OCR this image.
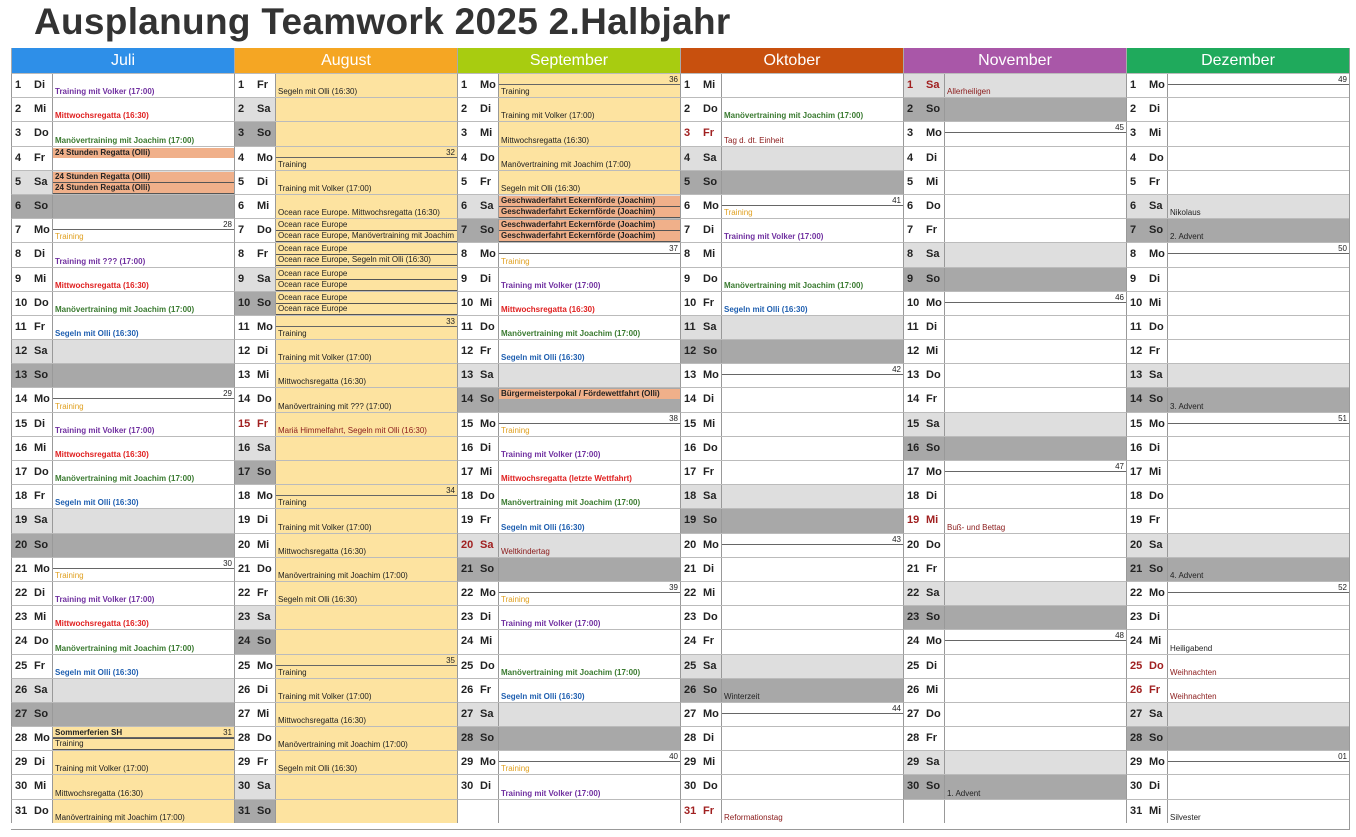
Ausplanung Teamwork 2025 2.Halbjahr
Juli
1	Di
Training mit Volker (17:00)
2	Mi
Mittwochsregatta (16:30)
3	Do
Manövertraining mit Joachim (17:00)
4	Fr	24 Stunden Regatta (Olli)
5	Sa 24 Stunden Regatta (Olli)
24 Stunden Regatta (Olli)
6	So
7	Mo	28
Training
8	Di
Training mit ??? (17:00)
9	Mi
Mittwochsregatta (16:30)
10 Do
Manövertraining mit Joachim (17:00)
11 Fr
Segeln mit Olli (16:30)
12 Sa
13 So
14 Mo	29
Training
15 Di
Training mit Volker (17:00)
16 Mi
Mittwochsregatta (16:30)
17 Do
Manövertraining mit Joachim (17:00)
18 Fr
Segeln mit Olli (16:30)
19 Sa
20 So
21 Mo	30
Training
22 Di
Training mit Volker (17:00)
23 Mi
Mittwochsregatta (16:30)
24 Do
Manövertraining mit Joachim (17:00)
25 Fr
Segeln mit Olli (16:30)
26 Sa
27 So
28 Mo	31
Sommerferien SH
Training
29 Di
Training mit Volker (17:00)
30 Mi
Mittwochsregatta (16:30)
31 Do
Manövertraining mit Joachim (17:00)
August
1	Fr
Segeln mit Olli (16:30)
2	Sa
3	So
4	Mo	32
Training
5	Di
Training mit Volker (17:00)
6	Mi
Ocean race Europe. Mittwochsregatta (16:30)
7	Do Ocean race Europe
Ocean race Europe, Manövertraining mit Joachim
8	Fr	Ocean race Europe
Ocean race Europe, Segeln mit Olli (16:30)
9	Sa Ocean race Europe
Ocean race Europe
10 So Ocean race Europe
Ocean race Europe
11 Mo	33
Training
12 Di
Training mit Volker (17:00)
13 Mi
Mittwochsregatta (16:30)
14 Do
Manövertraining mit ??? (17:00)
15 Fr
Mariä Himmelfahrt, Segeln mit Olli (16:30)
16 Sa
17 So
18 Mo	34
Training
19 Di
Training mit Volker (17:00)
20 Mi
Mittwochsregatta (16:30)
21 Do
Manövertraining mit Joachim (17:00)
22 Fr
Segeln mit Olli (16:30)
23 Sa
24 So
25 Mo	35
Training
26 Di
Training mit Volker (17:00)
27 Mi
Mittwochsregatta (16:30)
28 Do
Manövertraining mit Joachim (17:00)
29 Fr
Segeln mit Olli (16:30)
30 Sa
31 So
September
1	Mo	36
Training
2	Di
Training mit Volker (17:00)
3	Mi
Mittwochsregatta (16:30)
4	Do
Manövertraining mit Joachim (17:00)
5	Fr
Segeln mit Olli (16:30)
6	Sa Geschwaderfahrt Eckernförde (Joachim)
Geschwaderfahrt Eckernförde (Joachim)
7	So Geschwaderfahrt Eckernförde (Joachim)
Geschwaderfahrt Eckernförde (Joachim)
8	Mo	37
Training
9	Di
Training mit Volker (17:00)
10 Mi
Mittwochsregatta (16:30)
11 Do
Manövertraining mit Joachim (17:00)
12 Fr
Segeln mit Olli (16:30)
13 Sa
14 So Bürgermeisterpokal / Fördewettfahrt (Olli)
15 Mo	38
Training
16 Di
Training mit Volker (17:00)
17 Mi
Mittwochsregatta (letzte Wettfahrt)
18 Do
Manövertraining mit Joachim (17:00)
19 Fr
Segeln mit Olli (16:30)
20 Sa
Weltkindertag
21 So
22 Mo	39
Training
23 Di
Training mit Volker (17:00)
24 Mi
25 Do
Manövertraining mit Joachim (17:00)
26 Fr
Segeln mit Olli (16:30)
27 Sa
28 So
29 Mo	40
Training
30 Di
Training mit Volker (17:00)
Oktober
1	Mi
2	Do
Manövertraining mit Joachim (17:00)
3	Fr
Tag d. dt. Einheit
4	Sa
5	So
6	Mo	41
Training
7	Di
Training mit Volker (17:00)
8	Mi
9	Do
Manövertraining mit Joachim (17:00)
10 Fr
Segeln mit Olli (16:30)
11 Sa
12 So
13 Mo	42
14 Di
15 Mi
16 Do
17 Fr
18 Sa
19 So
20 Mo	43
21 Di
22 Mi
23 Do
24 Fr
25 Sa
26 So
Winterzeit
27 Mo	44
28 Di
29 Mi
30 Do
31 Fr
Reformationstag
November
1	Sa
Allerheiligen
2	So
3	Mo	45
4	Di
5	Mi
6	Do
7	Fr
8	Sa
9	So
10 Mo	46
11 Di
12 Mi
13 Do
14 Fr
15 Sa
16 So
17 Mo	47
18 Di
19 Mi
Buß- und Bettag
20 Do
21 Fr
22 Sa
23 So
24 Mo	48
25 Di
26 Mi
27 Do
28 Fr
29 Sa
30 So
1. Advent
Dezember
1	Mo	49
2	Di
3	Mi
4	Do
5	Fr
6	Sa
Nikolaus
7	So
2. Advent
8	Mo	50
9	Di
10 Mi
11 Do
12 Fr
13 Sa
14 So
3. Advent
15 Mo	51
16 Di
17 Mi
18 Do
19 Fr
20 Sa
21 So
4. Advent
22 Mo	52
23 Di
24 Mi
Heiligabend
25 Do
Weihnachten
26 Fr
Weihnachten
27 Sa
28 So
29 Mo	01
30 Di
31 Mi
Silvester
